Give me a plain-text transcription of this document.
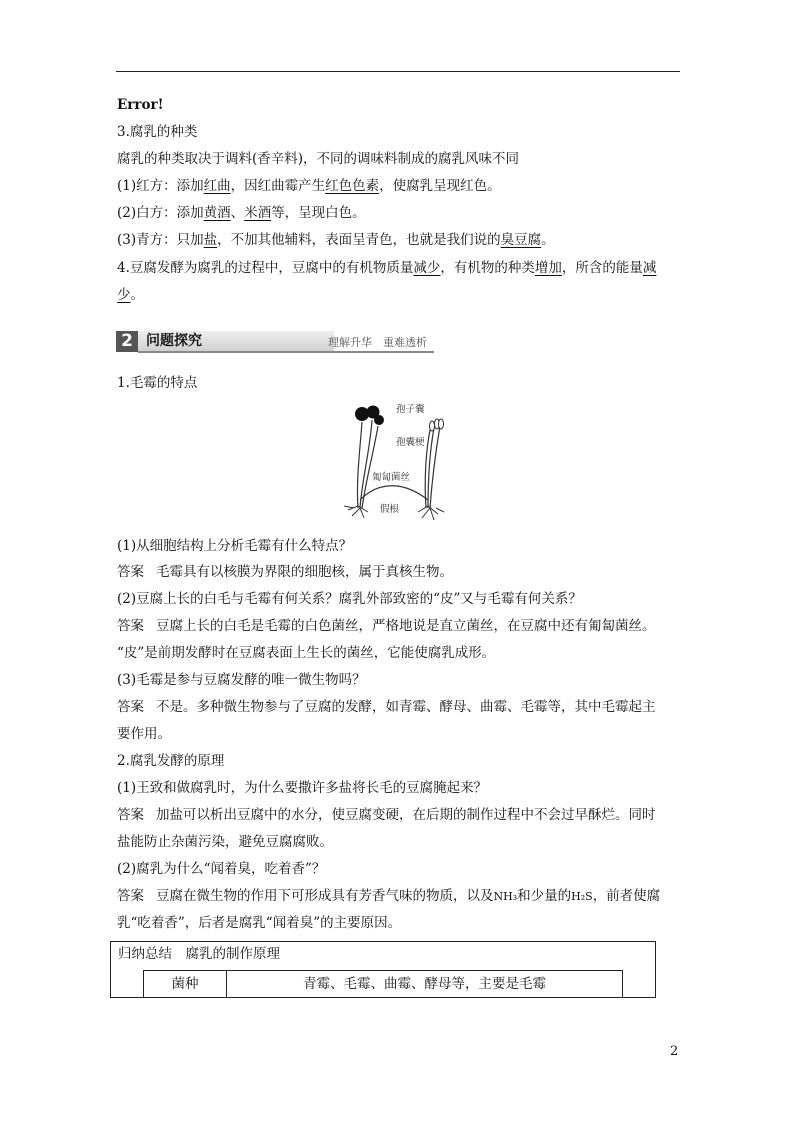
Error!
3.腐乳的种类
腐乳的种类取决于调料(香辛料)，不同的调味料制成的腐乳风味不同
(1)红方：添加红曲，因红曲霉产生红色色素，使腐乳呈现红色。
(2)白方：添加黄酒、米酒等，呈现白色。
(3)青方：只加盐，不加其他辅料，表面呈青色，也就是我们说的臭豆腐。
4.豆腐发酵为腐乳的过程中，豆腐中的有机物质量减少，有机物的种类增加，所含的能量减
少。
2 问题探究	理解升华　重难透析
1.毛霉的特点
孢子囊
孢囊梗
匍匐菌丝
假根
(1)从细胞结构上分析毛霉有什么特点？
答案 毛霉具有以核膜为界限的细胞核，属于真核生物。
(2)豆腐上长的白毛与毛霉有何关系？腐乳外部致密的“皮”又与毛霉有何关系？
答案 豆腐上长的白毛是毛霉的白色菌丝，严格地说是直立菌丝，在豆腐中还有匍匐菌丝。
“皮”是前期发酵时在豆腐表面上生长的菌丝，它能使腐乳成形。
(3)毛霉是参与豆腐发酵的唯一微生物吗？
答案 不是。多种微生物参与了豆腐的发酵，如青霉、酵母、曲霉、毛霉等，其中毛霉起主
要作用。
2.腐乳发酵的原理
(1)王致和做腐乳时，为什么要撒许多盐将长毛的豆腐腌起来？
答案 加盐可以析出豆腐中的水分，使豆腐变硬，在后期的制作过程中不会过早酥烂。同时
盐能防止杂菌污染，避免豆腐腐败。
(2)腐乳为什么“闻着臭，吃着香”？
答案 豆腐在微生物的作用下可形成具有芳香气味的物质，以及NH₃和少量的H₂S，前者使腐
乳“吃着香”，后者是腐乳“闻着臭”的主要原因。
归纳总结　腐乳的制作原理
菌种	青霉、毛霉、曲霉、酵母等，主要是毛霉
2
